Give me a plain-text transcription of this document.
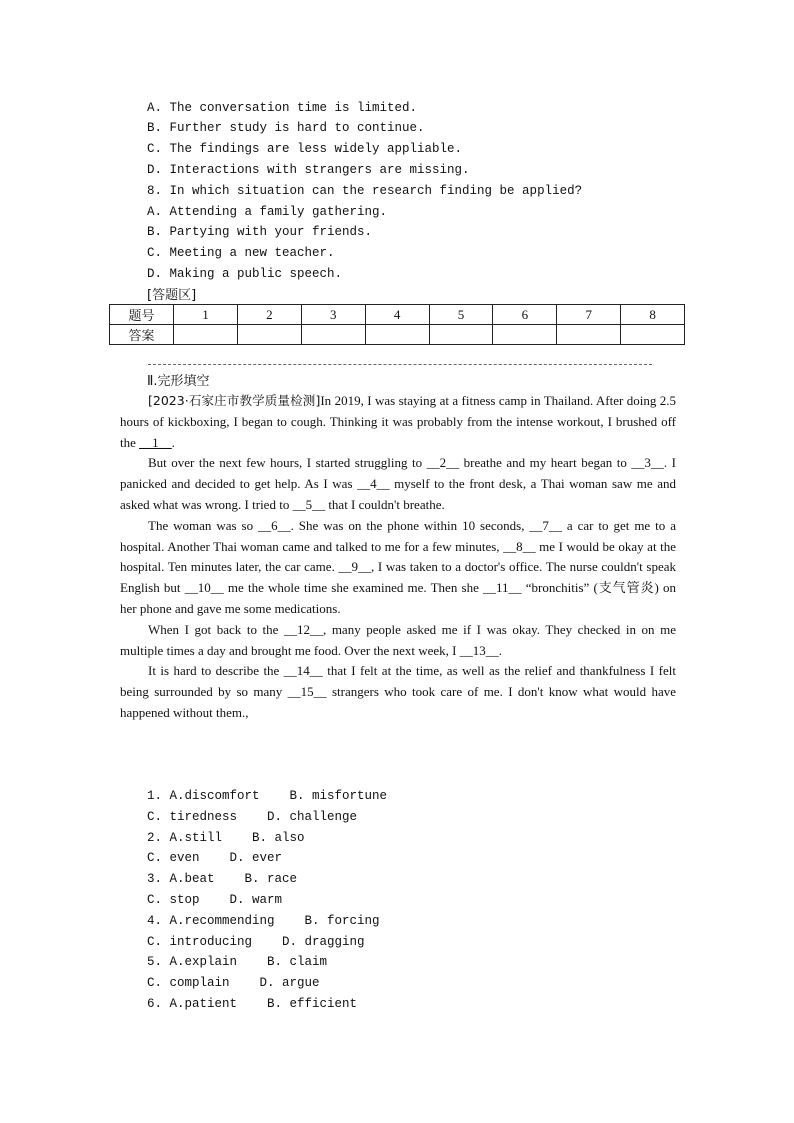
A. The conversation time is limited.
B. Further study is hard to continue.
C. The findings are less widely appliable.
D. Interactions with strangers are missing.
8. In which situation can the research finding be applied?
A. Attending a family gathering.
B. Partying with your friends.
C. Meeting a new teacher.
D. Making a public speech.
[答题区]
题号	1	2	3	4	5	6	7	8
答案								
Ⅱ.完形填空

[2023·石家庄市教学质量检测]In 2019, I was staying at a fitness camp in Thailand. After doing 2.5 hours of kickboxing, I began to cough. Thinking it was probably from the intense workout, I brushed off the __1__.

But over the next few hours, I started struggling to __2__ breathe and my heart began to __3__. I panicked and decided to get help. As I was __4__ myself to the front desk, a Thai woman saw me and asked what was wrong. I tried to __5__ that I couldn't breathe.

The woman was so __6__. She was on the phone within 10 seconds, __7__ a car to get me to a hospital. Another Thai woman came and talked to me for a few minutes, __8__ me I would be okay at the hospital. Ten minutes later, the car came. __9__, I was taken to a doctor's office. The nurse couldn't speak English but __10__ me the whole time she examined me. Then she __11__ “bronchitis” (支气管炎) on her phone and gave me some medications.

When I got back to the __12__, many people asked me if I was okay. They checked in on me multiple times a day and brought me food. Over the next week, I __13__.

It is hard to describe the __14__ that I felt at the time, as well as the relief and thankfulness I felt being surrounded by so many __15__ strangers who took care of me. I don't know what would have happened without them.,

1. A.discomfort    B. misfortune
C. tiredness    D. challenge
2. A.still    B. also
C. even    D. ever
3. A.beat    B. race
C. stop    D. warm
4. A.recommending    B. forcing
C. introducing    D. dragging
5. A.explain    B. claim
C. complain    D. argue
6. A.patient    B. efficient
